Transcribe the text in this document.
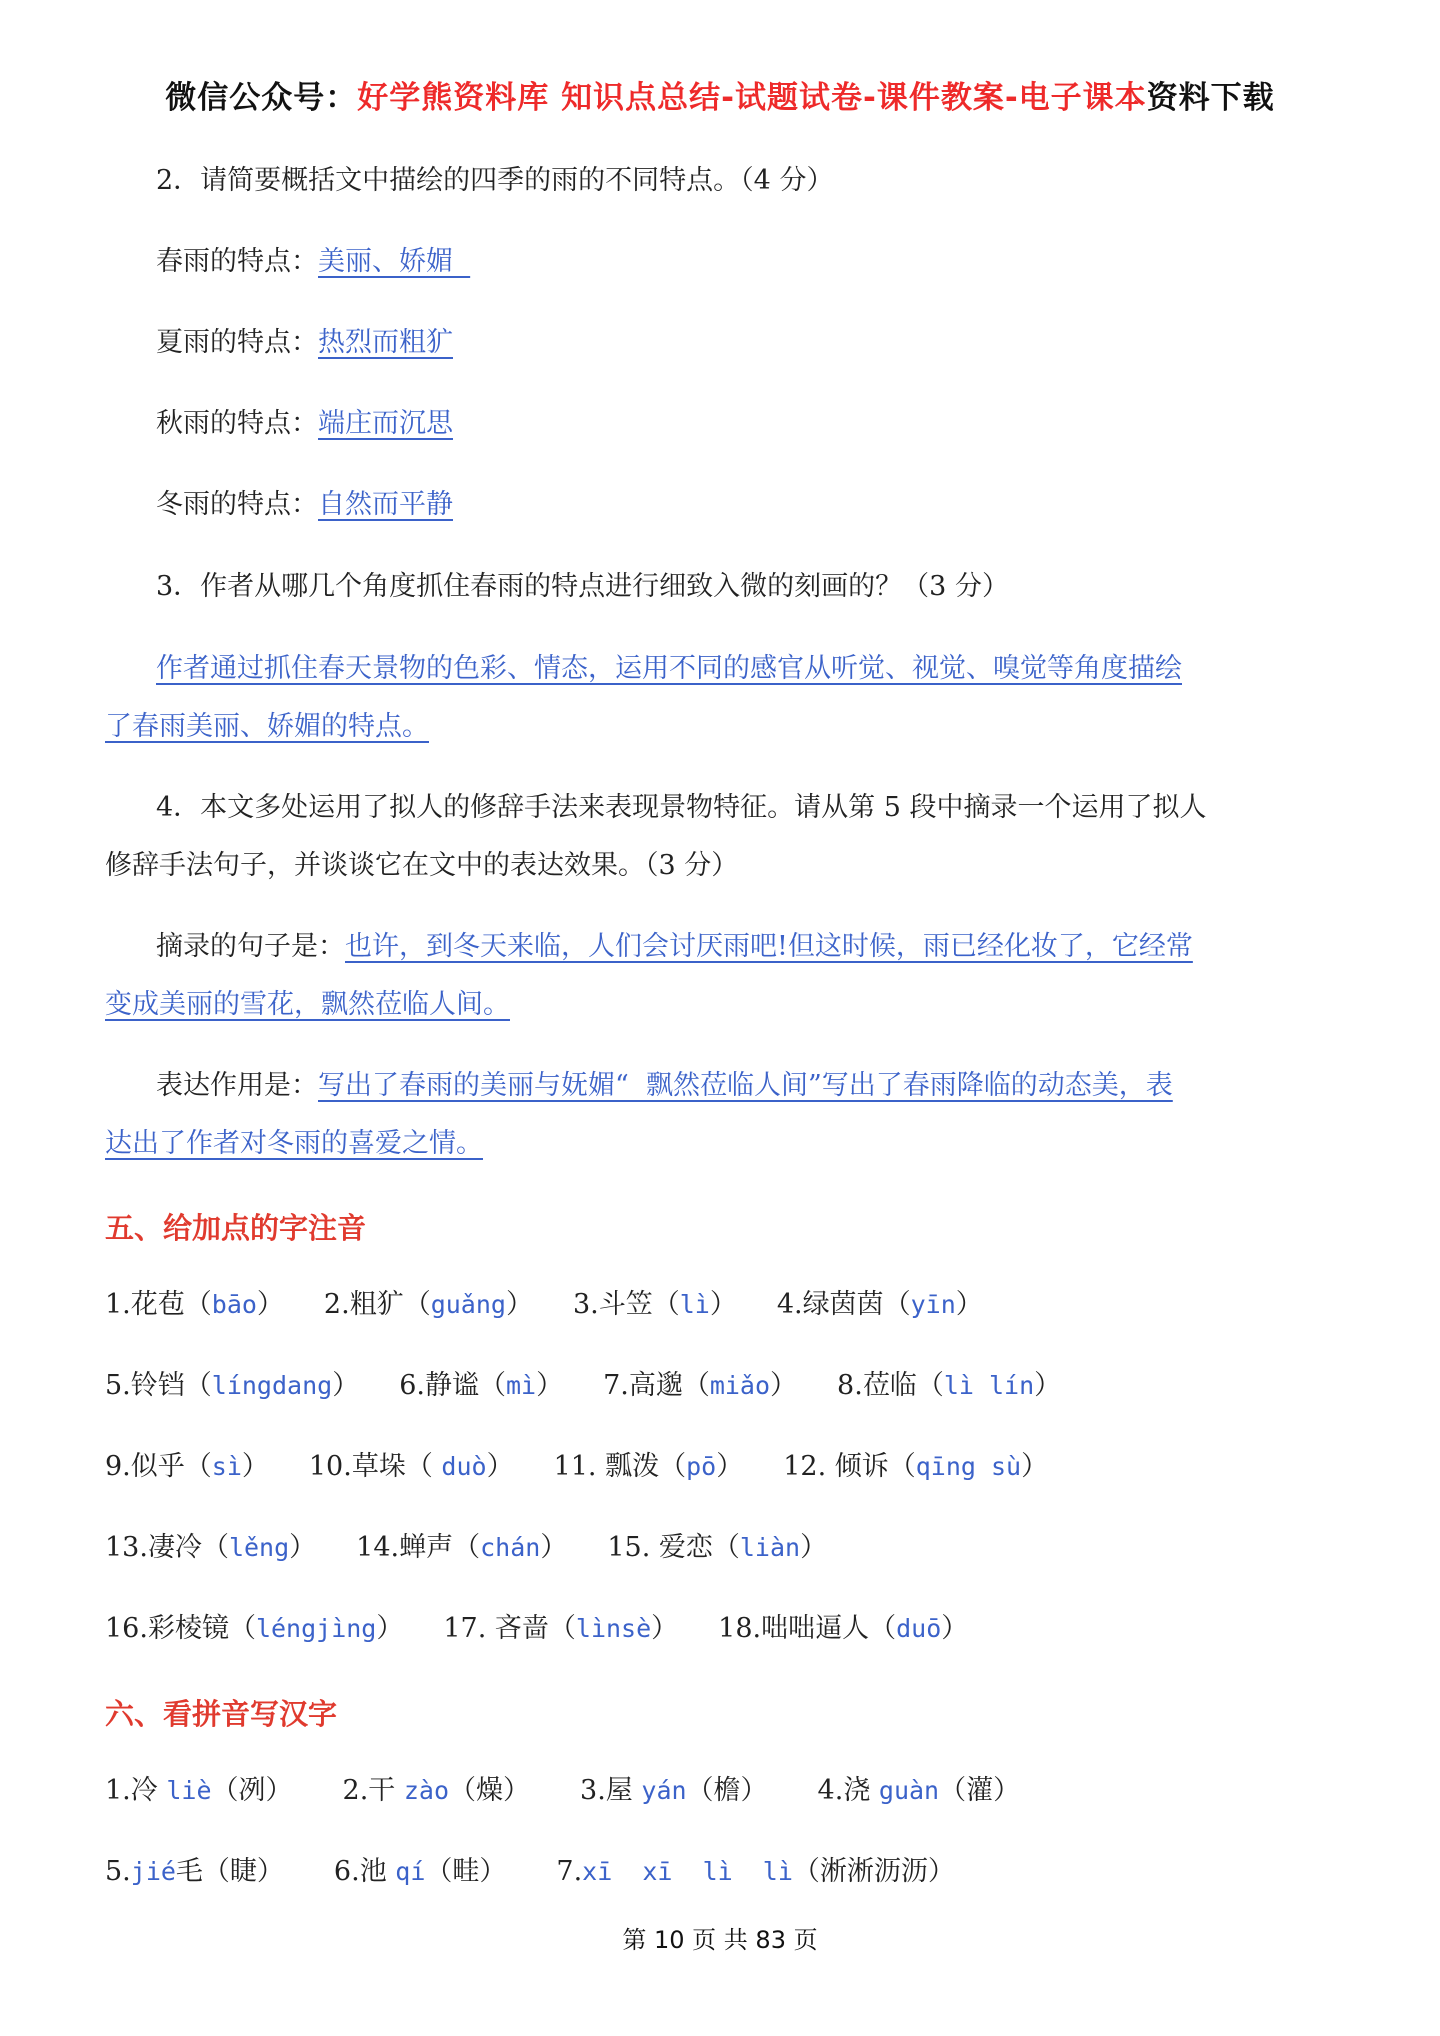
微信公众号：好学熊资料库 知识点总结-试题试卷-课件教案-电子课本资料下载
2．请简要概括文中描绘的四季的雨的不同特点。（4 分）
春雨的特点：美丽、娇媚
夏雨的特点：热烈而粗犷
秋雨的特点：端庄而沉思
冬雨的特点：自然而平静
3．作者从哪几个角度抓住春雨的特点进行细致入微的刻画的？（3 分）
作者通过抓住春天景物的色彩、情态，运用不同的感官从听觉、视觉、嗅觉等角度描绘
了春雨美丽、娇媚的特点。
4．本文多处运用了拟人的修辞手法来表现景物特征。请从第 5 段中摘录一个运用了拟人
修辞手法句子，并谈谈它在文中的表达效果。（3 分）
摘录的句子是：也许，到冬天来临，人们会讨厌雨吧!但这时候，雨已经化妆了，它经常
变成美丽的雪花，飘然莅临人间。
表达作用是：写出了春雨的美丽与妩媚“  飘然莅临人间”写出了春雨降临的动态美，表
达出了作者对冬雨的喜爱之情。
五、给加点的字注音
1.花苞（bāo） 2.粗犷（guǎng） 3.斗笠（lì） 4.绿茵茵（yīn）
5.铃铛（língdang） 6.静谧（mì） 7.高邈（miǎo） 8.莅临（lì lín）
9.似乎（sì） 10.草垛（ duò） 11. 瓢泼（pō） 12. 倾诉（qīng sù）
13.凄冷（lěng） 14.蝉声（chán） 15. 爱恋（liàn）
16.彩棱镜（léngjìng） 17. 吝啬（lìnsè） 18.咄咄逼人（duō）
六、看拼音写汉字
1.冷 liè（冽） 2.干 zào（燥） 3.屋 yán（檐） 4.浇 guàn（灌）
5.jié毛（睫） 6.池 qí（畦） 7.xī  xī  lì  lì（淅淅沥沥）
第 10 页 共 83 页
